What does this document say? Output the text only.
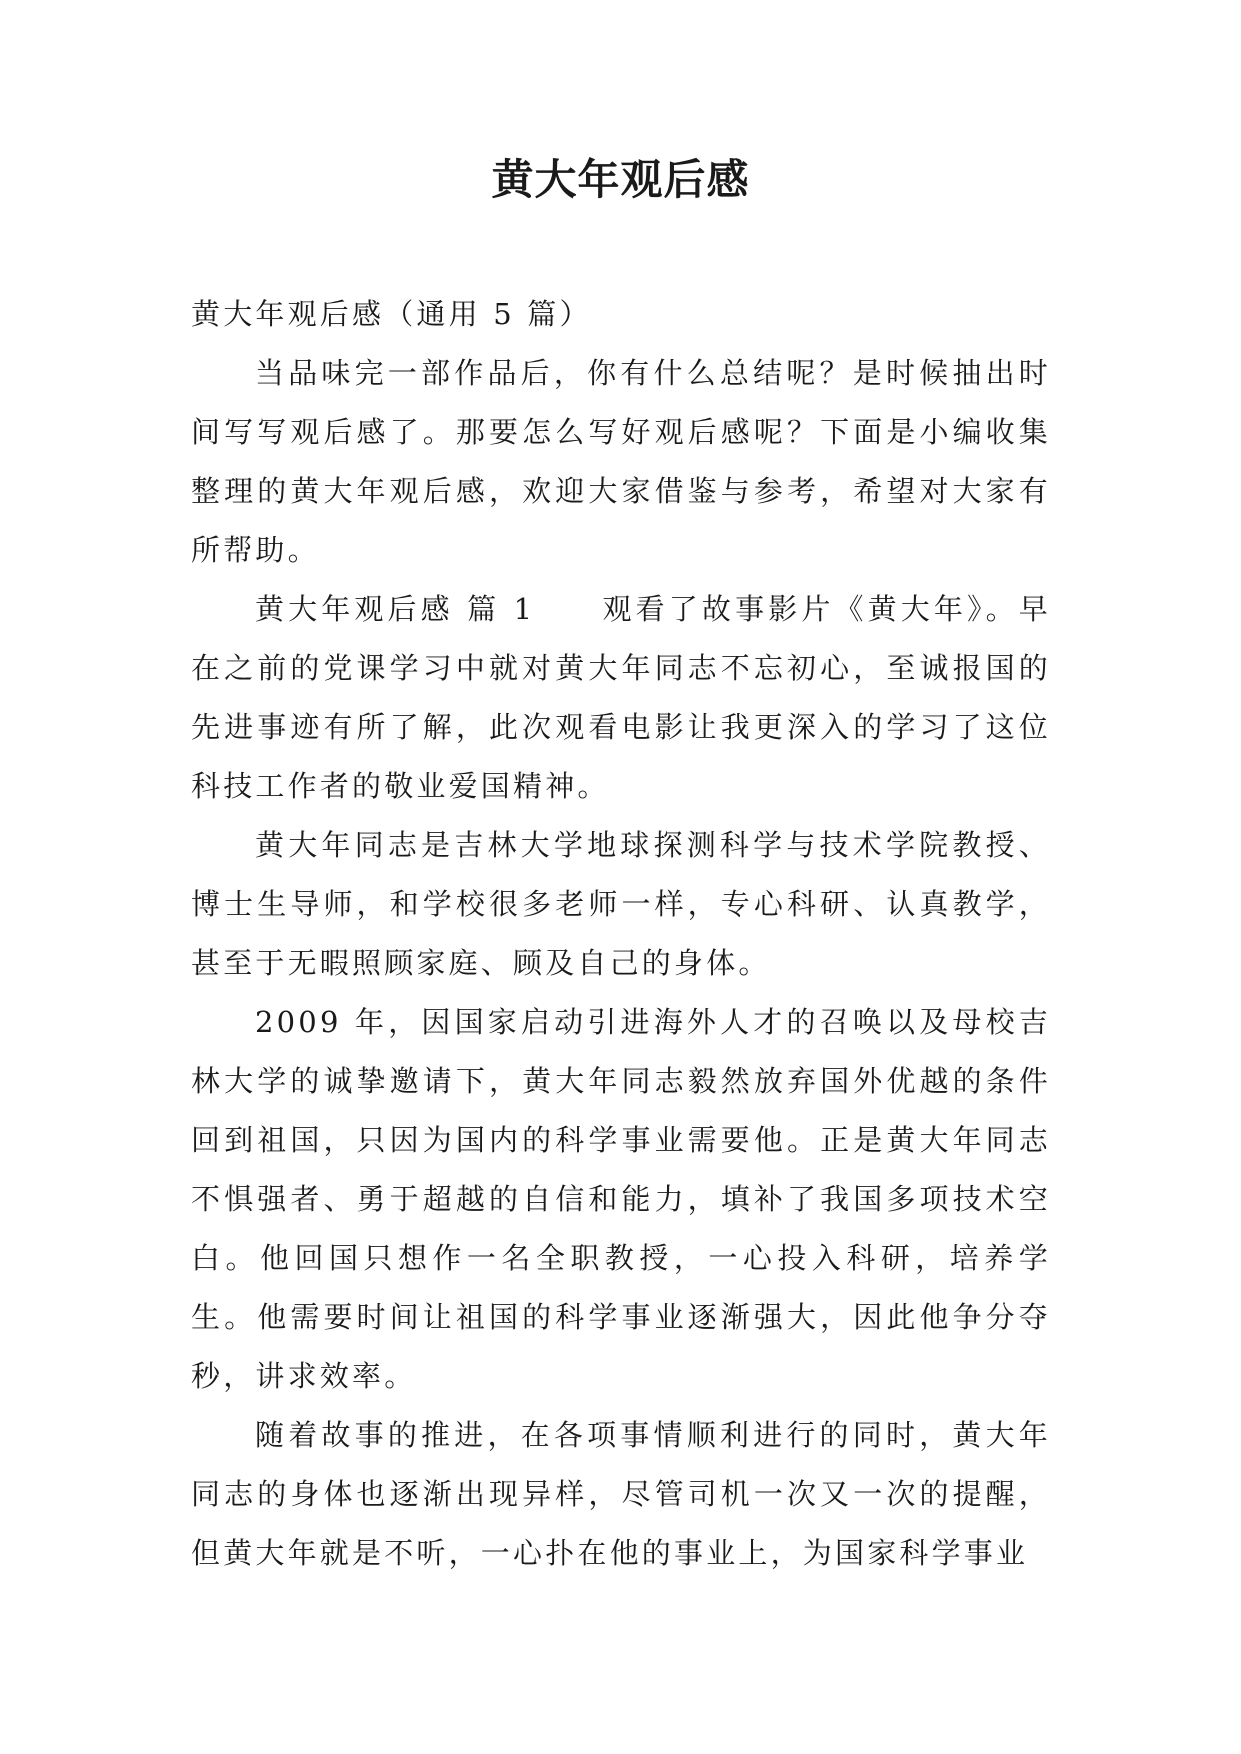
黄大年观后感

黄大年观后感（通用 5 篇）

当品味完一部作品后，你有什么总结呢？是时候抽出时间写写观后感了。那要怎么写好观后感呢？下面是小编收集整理的黄大年观后感，欢迎大家借鉴与参考，希望对大家有所帮助。

黄大年观后感 篇 1　　观看了故事影片《黄大年》。早在之前的党课学习中就对黄大年同志不忘初心，至诚报国的先进事迹有所了解，此次观看电影让我更深入的学习了这位科技工作者的敬业爱国精神。

黄大年同志是吉林大学地球探测科学与技术学院教授、博士生导师，和学校很多老师一样，专心科研、认真教学，甚至于无暇照顾家庭、顾及自己的身体。

2009 年，因国家启动引进海外人才的召唤以及母校吉林大学的诚挚邀请下，黄大年同志毅然放弃国外优越的条件回到祖国，只因为国内的科学事业需要他。正是黄大年同志不惧强者、勇于超越的自信和能力，填补了我国多项技术空白。他回国只想作一名全职教授，一心投入科研，培养学生。他需要时间让祖国的科学事业逐渐强大，因此他争分夺秒，讲求效率。

随着故事的推进，在各项事情顺利进行的同时，黄大年同志的身体也逐渐出现异样，尽管司机一次又一次的提醒，但黄大年就是不听，一心扑在他的事业上，为国家科学事业
